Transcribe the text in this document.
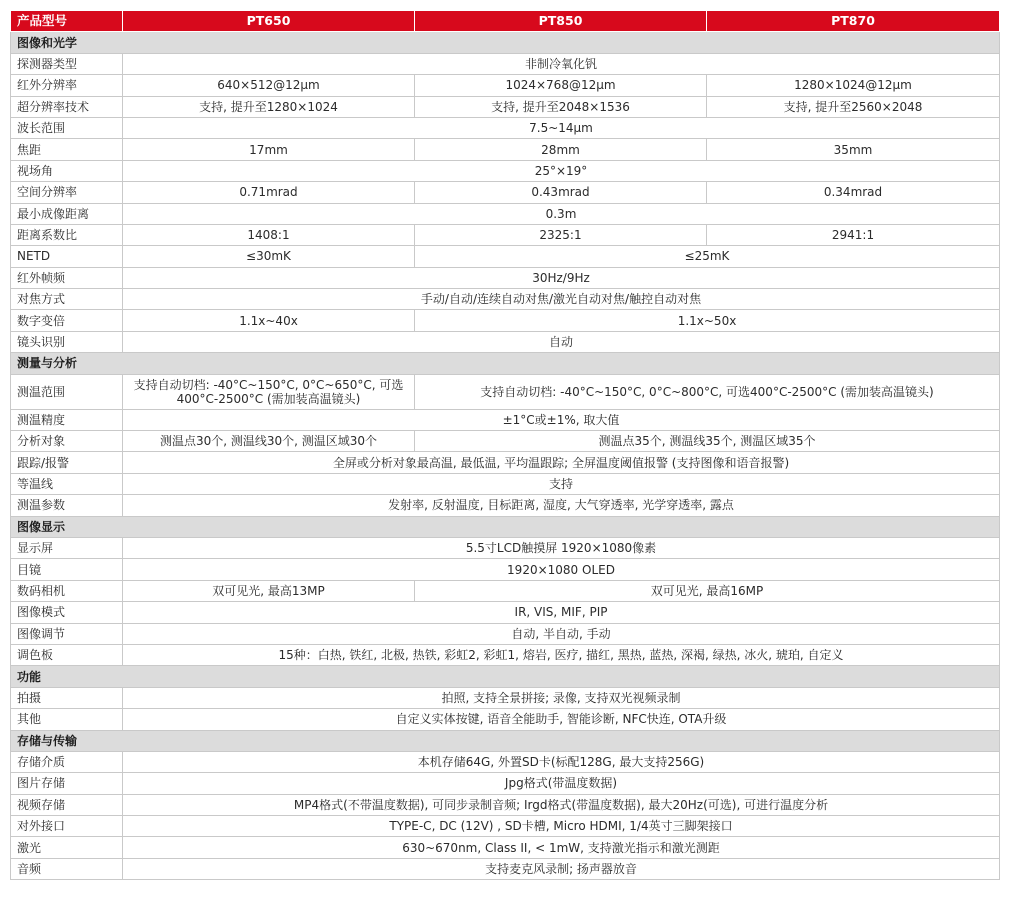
产品型号	PT650	PT850	PT870
图像和光学			
探测器类型	非制冷氧化钒		
红外分辨率	640×512@12μm	1024×768@12μm	1280×1024@12μm
超分辨率技术	支持, 提升至1280×1024	支持, 提升至2048×1536	支持, 提升至2560×2048
波长范围	7.5~14μm		
焦距	17mm	28mm	35mm
视场角	25°×19°		
空间分辨率	0.71mrad	0.43mrad	0.34mrad
最小成像距离	0.3m		
距离系数比	1408:1	2325:1	2941:1
NETD	≤30mK	≤25mK	
红外帧频	30Hz/9Hz		
对焦方式	手动/自动/连续自动对焦/激光自动对焦/触控自动对焦		
数字变倍	1.1x~40x	1.1x~50x	
镜头识别	自动		
测量与分析			
测温范围	支持自动切档: -40°C~150°C, 0°C~650°C, 可选400°C-2500°C (需加装高温镜头)	支持自动切档: -40°C~150°C, 0°C~800°C, 可选400°C-2500°C (需加装高温镜头)	
测温精度	±1°C或±1%, 取大值		
分析对象	测温点30个, 测温线30个, 测温区域30个	测温点35个, 测温线35个, 测温区域35个	
跟踪/报警	全屏或分析对象最高温, 最低温, 平均温跟踪; 全屏温度阈值报警 (支持图像和语音报警)		
等温线	支持		
测温参数	发射率, 反射温度, 目标距离, 湿度, 大气穿透率, 光学穿透率, 露点		
图像显示			
显示屏	5.5寸LCD触摸屏 1920×1080像素		
目镜	1920×1080 OLED		
数码相机	双可见光, 最高13MP	双可见光, 最高16MP	
图像模式	IR, VIS, MIF, PIP		
图像调节	自动, 半自动, 手动		
调色板	15种：白热, 铁红, 北极, 热铁, 彩虹2, 彩虹1, 熔岩, 医疗, 描红, 黑热, 蓝热, 深褐, 绿热, 冰火, 琥珀, 自定义		
功能			
拍摄	拍照, 支持全景拼接; 录像, 支持双光视频录制		
其他	自定义实体按键, 语音全能助手, 智能诊断, NFC快连, OTA升级		
存储与传输			
存储介质	本机存储64G, 外置SD卡(标配128G, 最大支持256G)		
图片存储	Jpg格式(带温度数据)		
视频存储	MP4格式(不带温度数据), 可同步录制音频; Irgd格式(带温度数据), 最大20Hz(可选), 可进行温度分析		
对外接口	TYPE-C, DC (12V) , SD卡槽, Micro HDMI, 1/4英寸三脚架接口		
激光	630~670nm, Class II, < 1mW, 支持激光指示和激光测距		
音频	支持麦克风录制; 扬声器放音		
